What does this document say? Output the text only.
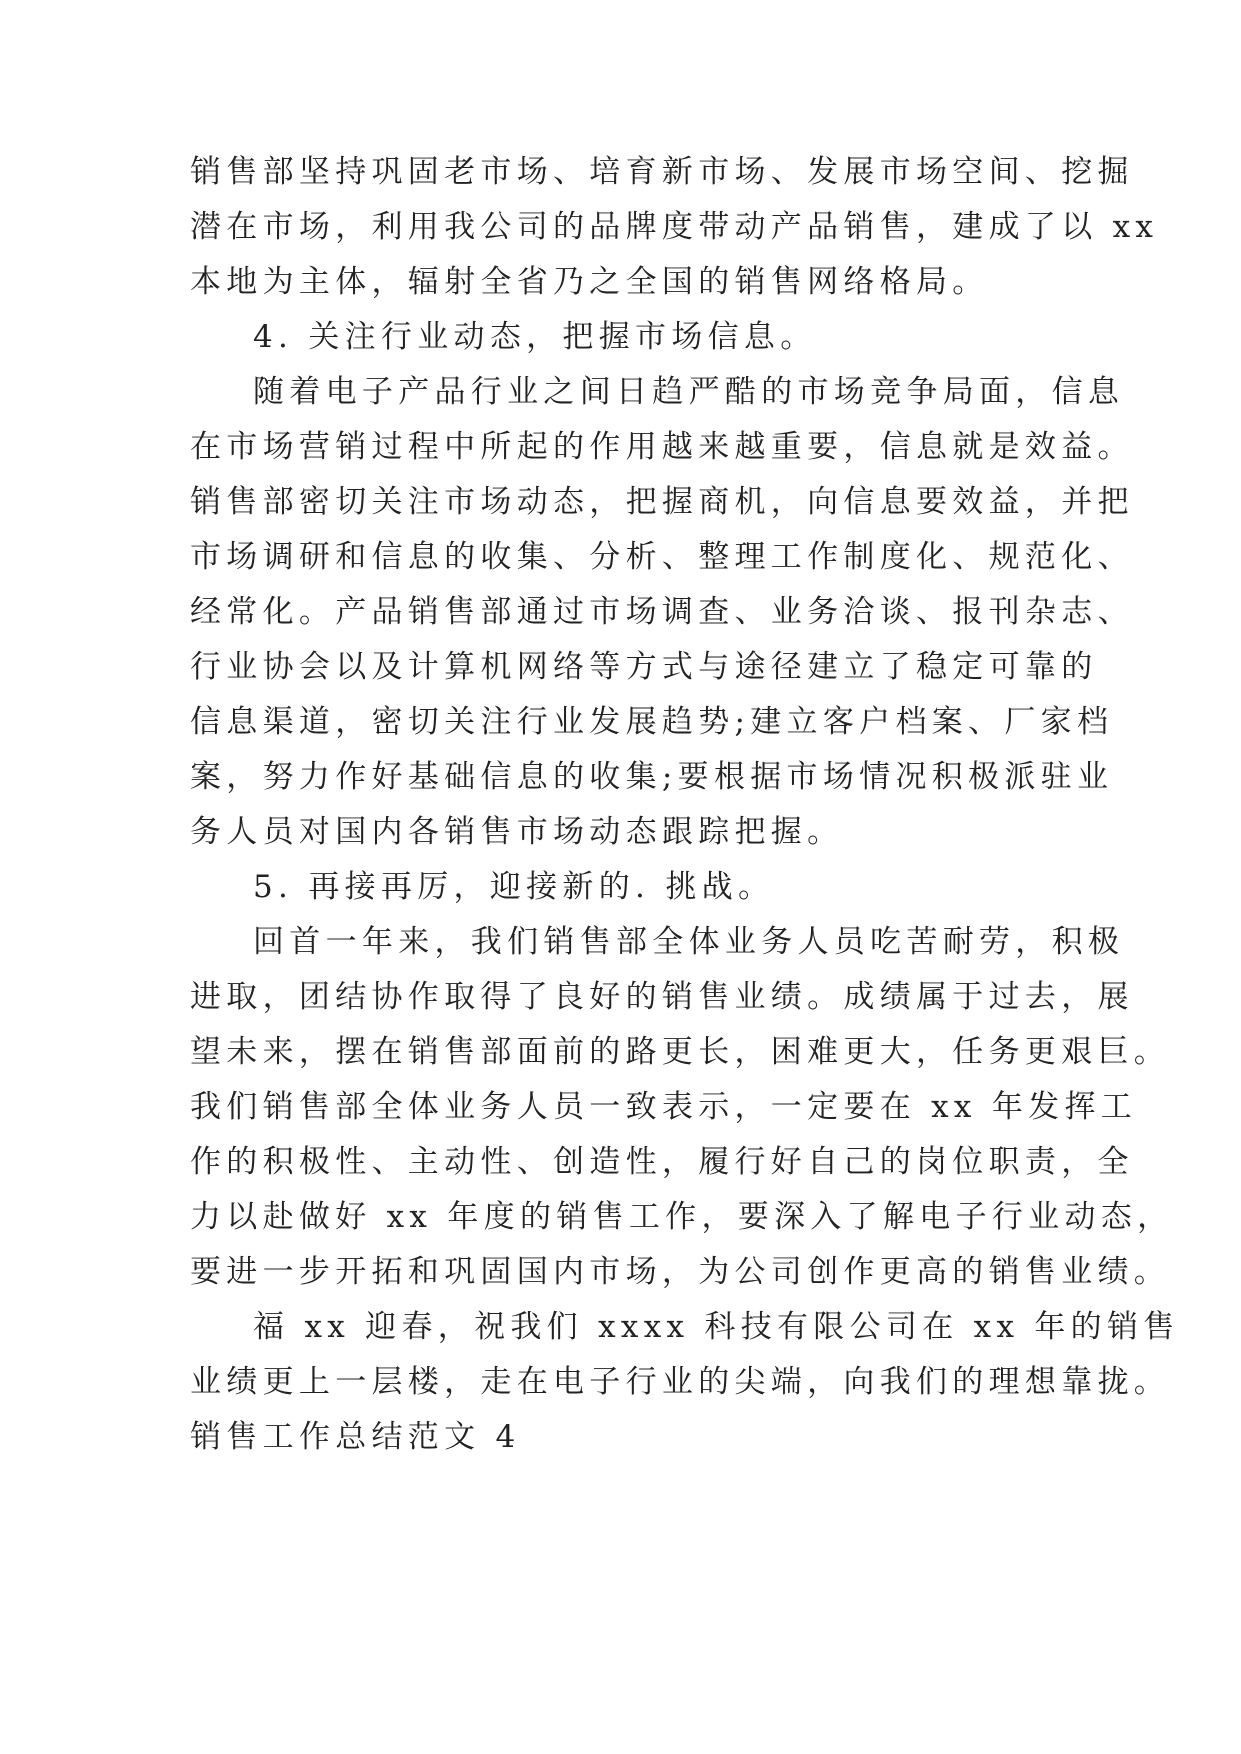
销售部坚持巩固老市场、培育新市场、发展市场空间、挖掘
潜在市场，利用我公司的品牌度带动产品销售，建成了以 xx
本地为主体，辐射全省乃之全国的销售网络格局。
4. 关注行业动态，把握市场信息。
随着电子产品行业之间日趋严酷的市场竞争局面，信息
在市场营销过程中所起的作用越来越重要，信息就是效益。
销售部密切关注市场动态，把握商机，向信息要效益，并把
市场调研和信息的收集、分析、整理工作制度化、规范化、
经常化。产品销售部通过市场调查、业务洽谈、报刊杂志、
行业协会以及计算机网络等方式与途径建立了稳定可靠的
信息渠道，密切关注行业发展趋势;建立客户档案、厂家档
案，努力作好基础信息的收集;要根据市场情况积极派驻业
务人员对国内各销售市场动态跟踪把握。
5. 再接再厉，迎接新的. 挑战。
回首一年来，我们销售部全体业务人员吃苦耐劳，积极
进取，团结协作取得了良好的销售业绩。成绩属于过去，展
望未来，摆在销售部面前的路更长，困难更大，任务更艰巨。
我们销售部全体业务人员一致表示，一定要在 xx 年发挥工
作的积极性、主动性、创造性，履行好自己的岗位职责，全
力以赴做好 xx 年度的销售工作，要深入了解电子行业动态，
要进一步开拓和巩固国内市场，为公司创作更高的销售业绩。
福 xx 迎春，祝我们 xxxx 科技有限公司在 xx 年的销售
业绩更上一层楼，走在电子行业的尖端，向我们的理想靠拢。
销售工作总结范文 4
